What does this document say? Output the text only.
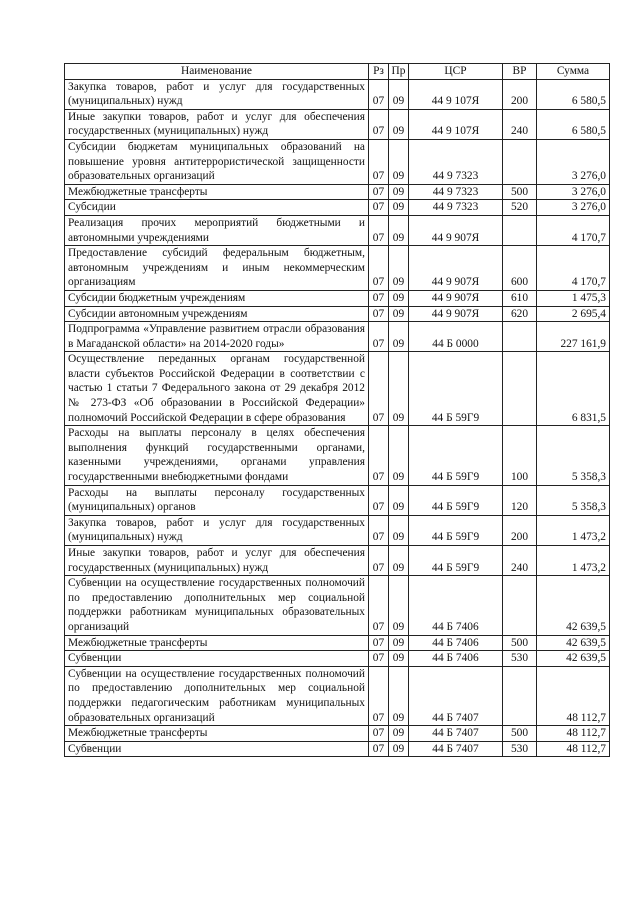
Наименование	Рз	Пр	ЦСР	ВР	Сумма
Закупка товаров, работ и услуг для государственных (муниципальных) нужд	07	09	44 9 107Я	200	6 580,5
Иные закупки товаров, работ и услуг для обеспечения государственных (муниципальных) нужд	07	09	44 9 107Я	240	6 580,5
Субсидии бюджетам муниципальных образований на повышение уровня антитеррористической защищенности образовательных организаций	07	09	44 9 7323		3 276,0
Межбюджетные трансферты	07	09	44 9 7323	500	3 276,0
Субсидии	07	09	44 9 7323	520	3 276,0
Реализация прочих мероприятий бюджетными и автономными учреждениями	07	09	44 9 907Я		4 170,7
Предоставление субсидий федеральным бюджетным, автономным учреждениям и иным некоммерческим организациям	07	09	44 9 907Я	600	4 170,7
Субсидии бюджетным учреждениям	07	09	44 9 907Я	610	1 475,3
Субсидии автономным учреждениям	07	09	44 9 907Я	620	2 695,4
Подпрограмма «Управление развитием отрасли образования в Магаданской области» на 2014-2020 годы»	07	09	44 Б 0000		227 161,9
Осуществление переданных органам государственной власти субъектов Российской Федерации в соответствии с частью 1 статьи 7 Федерального закона от 29 декабря 2012 № 273-ФЗ «Об образовании в Российской Федерации» полномочий Российской Федерации в сфере образования	07	09	44 Б 59Г9		6 831,5
Расходы на выплаты персоналу в целях обеспечения выполнения функций государственными органами, казенными учреждениями, органами управления государственными внебюджетными фондами	07	09	44 Б 59Г9	100	5 358,3
Расходы на выплаты персоналу государственных (муниципальных) органов	07	09	44 Б 59Г9	120	5 358,3
Закупка товаров, работ и услуг для государственных (муниципальных) нужд	07	09	44 Б 59Г9	200	1 473,2
Иные закупки товаров, работ и услуг для обеспечения государственных (муниципальных) нужд	07	09	44 Б 59Г9	240	1 473,2
Субвенции на осуществление государственных полномочий по предоставлению дополнительных мер социальной поддержки работникам муниципальных образовательных организаций	07	09	44 Б 7406		42 639,5
Межбюджетные трансферты	07	09	44 Б 7406	500	42 639,5
Субвенции	07	09	44 Б 7406	530	42 639,5
Субвенции на осуществление государственных полномочий по предоставлению дополнительных мер социальной поддержки педагогическим работникам муниципальных образовательных организаций	07	09	44 Б 7407		48 112,7
Межбюджетные трансферты	07	09	44 Б 7407	500	48 112,7
Субвенции	07	09	44 Б 7407	530	48 112,7
